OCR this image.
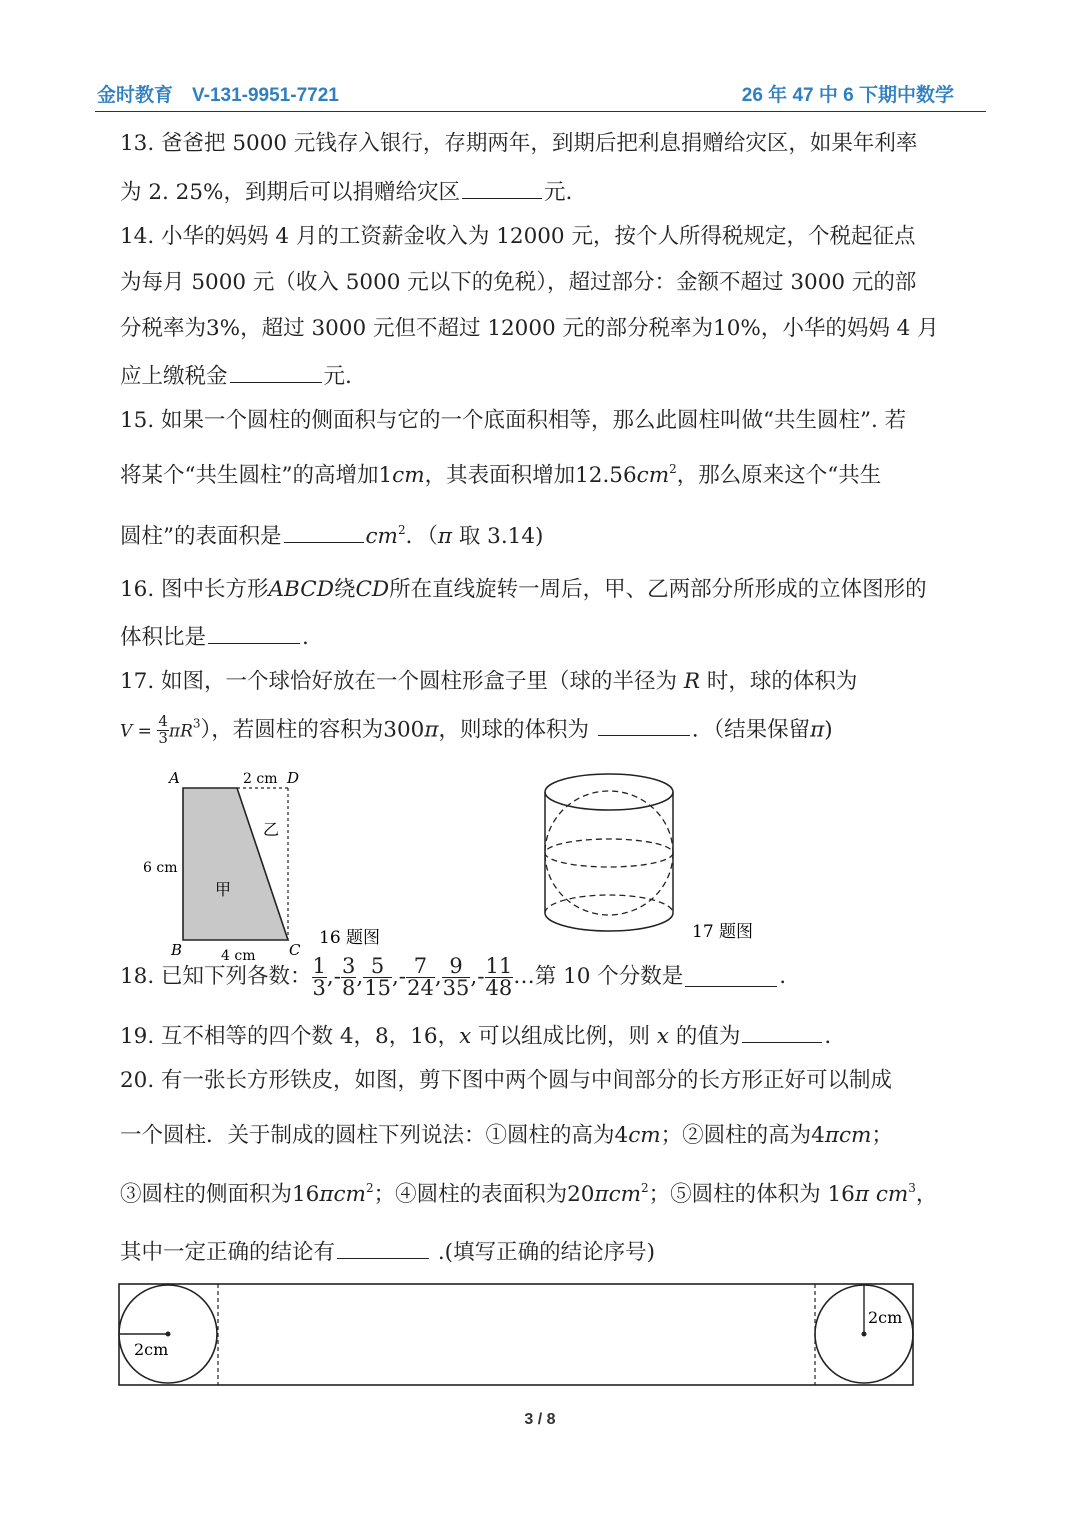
金时教育　V-131-9951-7721	26 年 47 中 6 下期中数学
13. 爸爸把 5000 元钱存入银行，存期两年，到期后把利息捐赠给灾区，如果年利率
为 2. 25%，到期后可以捐赠给灾区	元.
14. 小华的妈妈 4 月的工资薪金收入为 12000 元，按个人所得税规定，个税起征点
为每月 5000 元（收入 5000 元以下的免税），超过部分：金额不超过 3000 元的部
分税率为3%，超过 3000 元但不超过 12000 元的部分税率为10%，小华的妈妈 4 月
应上缴税金	元.
15. 如果一个圆柱的侧面积与它的一个底面积相等，那么此圆柱叫做“共生圆柱”. 若
将某个“共生圆柱”的高增加1cm，其表面积增加$12.56cm^2$，那么原来这个“共生
圆柱”的表面积是	$cm^2$．（π 取 3.14)
16. 图中长方形ABCD绕CD所在直线旋转一周后，甲、乙两部分所形成的立体图形的
体积比是	.
17. 如图，一个球恰好放在一个圆柱形盒子里（球的半径为 R 时，球的体积为
$V = \frac{4}{3} \pi R^3$），若圆柱的容积为300π，则球的体积为	．（结果保留π)
A	2 cm D
6 cm
乙
甲
B	4 cm C
16 题图	17 题图
18. 已知下列各数： $\frac{1}{3}$ ,- $\frac{3}{8}$ , $\frac{5}{15}$ ,- $\frac{7}{24}$ , $\frac{9}{35}$ ,- $\frac{11}{48}$ …第 10 个分数是	.
19. 互不相等的四个数 4，8，16，x 可以组成比例，则 x 的值为	.
20. 有一张长方形铁皮，如图，剪下图中两个圆与中间部分的长方形正好可以制成
一个圆柱．关于制成的圆柱下列说法：①圆柱的高为4cm；②圆柱的高为4πcm；
③圆柱的侧面积为16πcm$^2$；④圆柱的表面积为20πcm$^2$；⑤圆柱的体积为 16π $cm^3$，
其中一定正确的结论有	.(填写正确的结论序号)
2cm
2cm
3 / 8
